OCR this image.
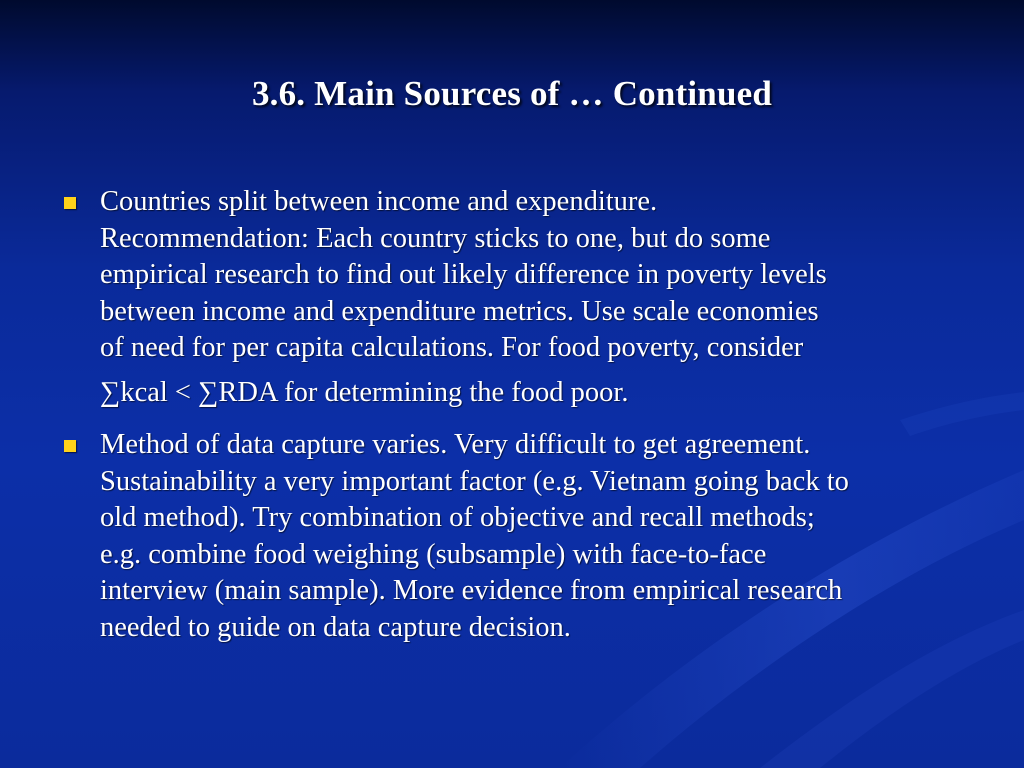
3.6. Main Sources of … Continued
Countries split between income and expenditure.
Recommendation: Each country sticks to one, but do some
empirical research to find out likely difference in poverty levels
between income and expenditure metrics. Use scale economies
of need for per capita calculations. For food poverty, consider
∑kcal < ∑RDA for determining the food poor.
Method of data capture varies. Very difficult to get agreement.
Sustainability a very important factor (e.g. Vietnam going back to
old method). Try combination of objective and recall methods;
e.g. combine food weighing (subsample) with face-to-face
interview (main sample). More evidence from empirical research
needed to guide on data capture decision.
